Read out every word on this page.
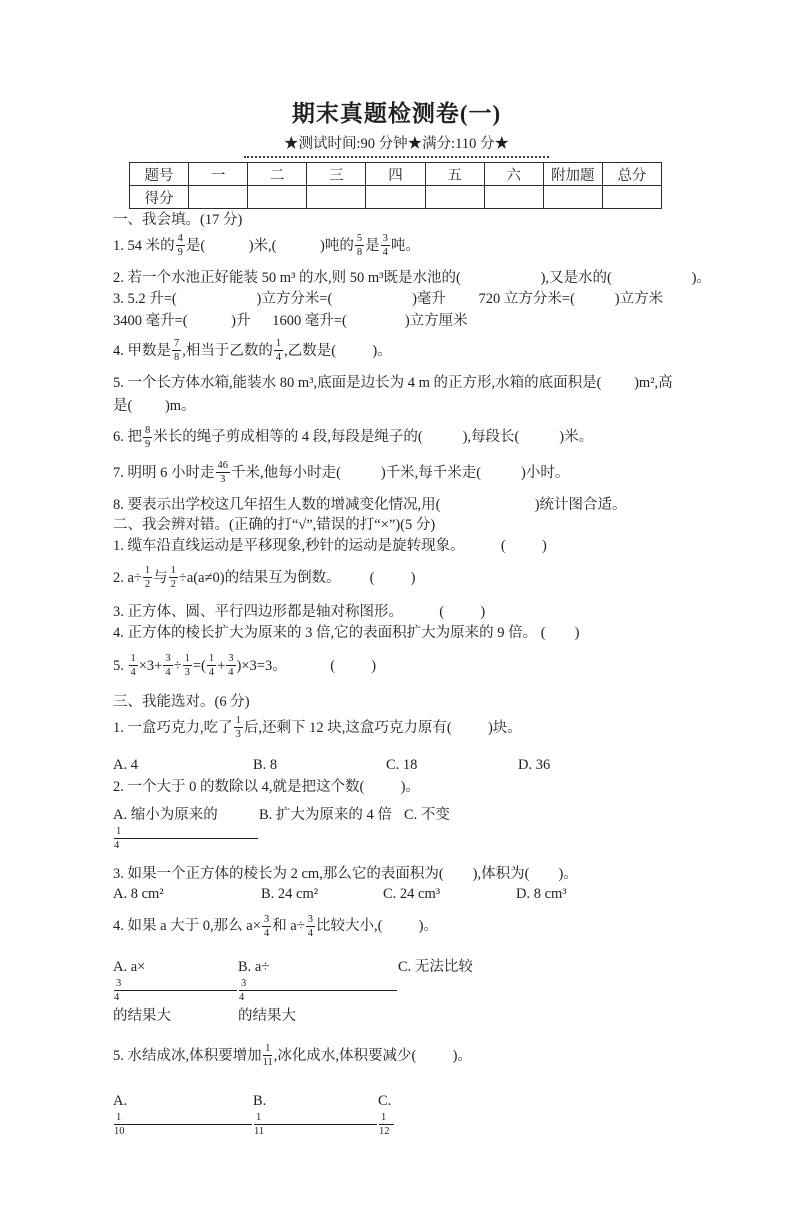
期末真题检测卷(一)
★测试时间:90 分钟★满分:110 分★
题号	一	二	三	四	五	六	附加题	总分
得分								
一、我会填。(17 分)
1. 54 米的 $\frac{4}{9}$ 是(            )米,(            )吨的 $\frac{5}{8}$ 是 $\frac{3}{4}$ 吨。
2. 若一个水池正好能装 50 m³ 的水,则 50 m³既是水池的(                      ),又是水的(                      )。
3. 5.2 升=(                      )立方分米=(                      )毫升         720 立方分米=(           )立方米
3400 毫升=(            )升      1600 毫升=(                )立方厘米
4. 甲数是 $\frac{7}{8}$ ,相当于乙数的 $\frac{1}{4}$ ,乙数是(          )。
5. 一个长方体水箱,能装水 80 m³,底面是边长为 4 m 的正方形,水箱的底面积是(         )m²,高
是(         )m。
6. 把 $\frac{8}{9}$ 米长的绳子剪成相等的 4 段,每段是绳子的(           ),每段长(           )米。
7. 明明 6 小时走 $\frac{46}{3}$ 千米,他每小时走(           )千米,每千米走(           )小时。
8. 要表示出学校这几年招生人数的增减变化情况,用(                          )统计图合适。
二、我会辨对错。(正确的打“√”,错误的打“×”)(5 分)
1. 缆车沿直线运动是平移现象,秒针的运动是旋转现象。          (          )
2. $a\div \frac{1}{2}$ 与 $\frac{1}{2} \div a(a\ne 0)$的结果互为倒数。        (          )
3. 正方体、圆、平行四边形都是轴对称图形。          (          )
4. 正方体的棱长扩大为原来的 3 倍,它的表面积扩大为原来的 9 倍。 (        )
5. $\frac{1}{4} \times 3+ \frac{3}{4} \div \frac{1}{3}$ =( $\frac{1}{4} + \frac{3}{4} )\times 3=3$。            (          )
三、我能选对。(6 分)
1. 一盒巧克力,吃了 $\frac{1}{3}$ 后,还剩下 12 块,这盒巧克力原有(          )块。
A. 4	B. 8	C. 18	D. 36
2. 一个大于 0 的数除以 4,就是把这个数(          )。
A. 缩小为原来的
1
4
B. 扩大为原来的 4 倍 C. 不变
3. 如果一个正方体的棱长为 2 cm,那么它的表面积为(        ),体积为(        )。
A. 8 cm²	B. 24 cm²	C. 24 cm³	D. 8 cm³
4. 如果 a 大于 0,那么 $a\times \frac{3}{4}$ 和 $a\div \frac{3}{4}$ 比较大小,(          )。
A. a×
3
4
的结果大
B. a÷
3
4
的结果大
C. 无法比较
5. 水结成冰,体积要增加 $\frac{1}{11}$ ,冰化成水,体积要减少(          )。
A.
1
10
B.
1
11
C.
1
12
